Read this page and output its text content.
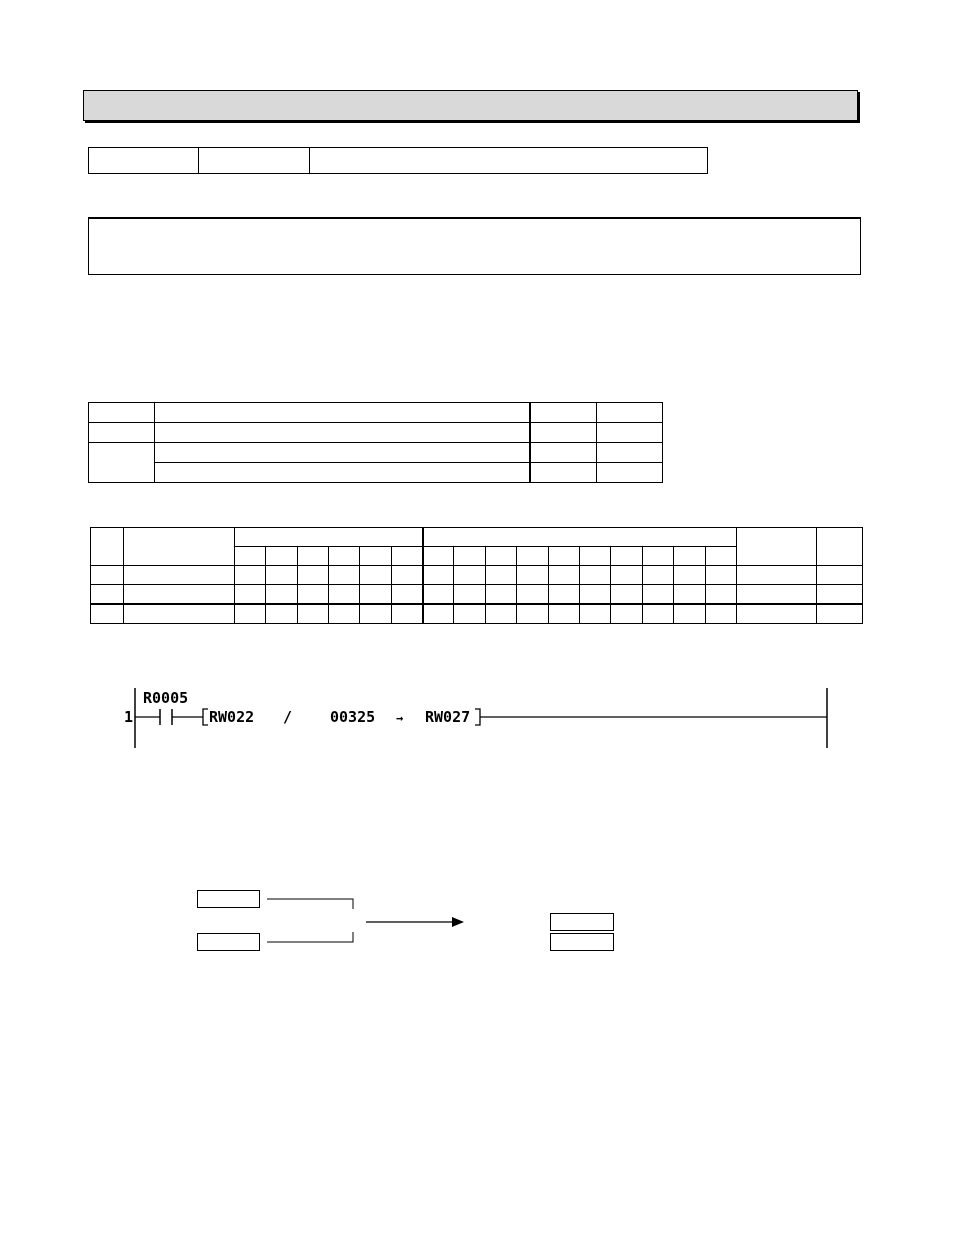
1
R0005
RW022 /	00325 → RW027
